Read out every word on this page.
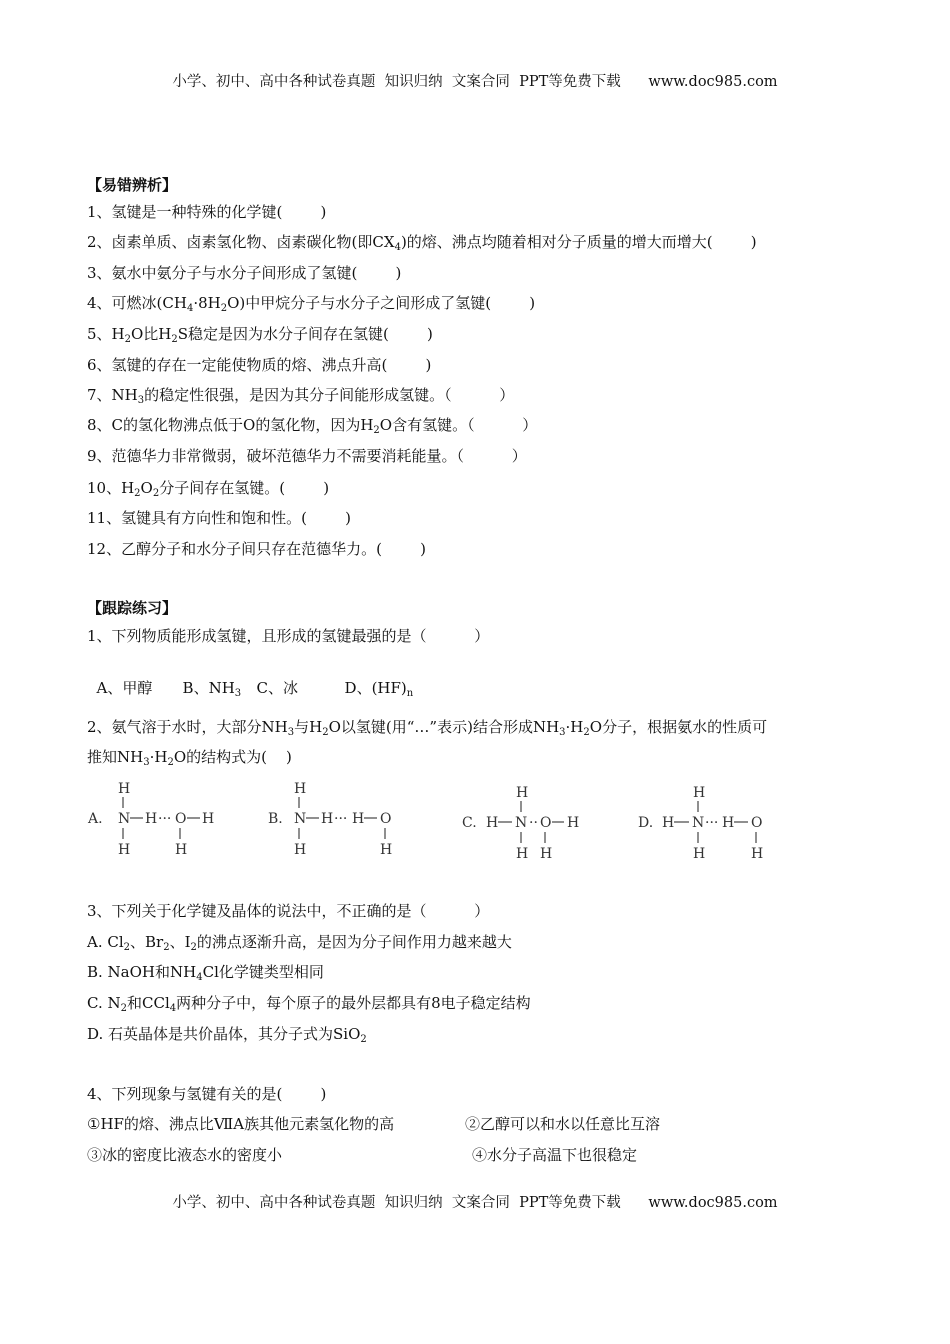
小学、初中、高中各种试卷真题  知识归纳  文案合同  PPT等免费下载      www.doc985.com
【易错辨析】
1、氢键是一种特殊的化学键(        )
2、卤素单质、卤素氢化物、卤素碳化物(即$CX_4$)的熔、沸点均随着相对分子质量的增大而增大(        )
3、氨水中氨分子与水分子间形成了氢键(        )
4、可燃冰$(CH_4\cdot 8H_2O)$中甲烷分子与水分子之间形成了氢键(        )
5、$H_2O$比$H_2S$稳定是因为水分子间存在氢键(        )
6、氢键的存在一定能使物质的熔、沸点升高(        )
7、$NH_3$的稳定性很强，是因为其分子间能形成氢键。（          ）
8、C的氢化物沸点低于O的氢化物，因为$H_2O$含有氢键。（          ）
9、范德华力非常微弱，破坏范德华力不需要消耗能量。（          ）
10、$H_2O_2$分子间存在氢键。(        )
11、氢键具有方向性和饱和性。(        )
12、乙醇分子和水分子间只存在范德华力。(        )
【跟踪练习】
1、下列物质能形成氢键，且形成的氢键最强的是（          ）

A、甲醇 B、$NH_3$ C、冰	D、$(HF)_n$

2、氨气溶于水时，大部分$NH_3$与$H_2O$以氢键(用“…”表示)结合形成$NH_3\cdot H_2O$分子，根据氨水的性质可
推知$NH_3\cdot H_2O$的结构式为(    )
A.
H
N H ··· O H
H	H
B.
H
N H ··· H O
H	H
C.
H
H N ·· O H
H H
D.
H
H N ··· H O
H	H
3、下列关于化学键及晶体的说法中，不正确的是（          ）
A. $Cl_2$、$Br_2$、$I_2$的沸点逐渐升高，是因为分子间作用力越来越大
B. NaOH和$NH_4Cl$化学键类型相同
C. $N_2$和CCl$_4$两种分子中，每个原子的最外层都具有8电子稳定结构
D. 石英晶体是共价晶体，其分子式为SiO$_2$
4、下列现象与氢键有关的是(        )
①HF的熔、沸点比ⅦA族其他元素氢化物的高	②乙醇可以和水以任意比互溶
③冰的密度比液态水的密度小	④水分子高温下也很稳定
小学、初中、高中各种试卷真题  知识归纳  文案合同  PPT等免费下载      www.doc985.com
